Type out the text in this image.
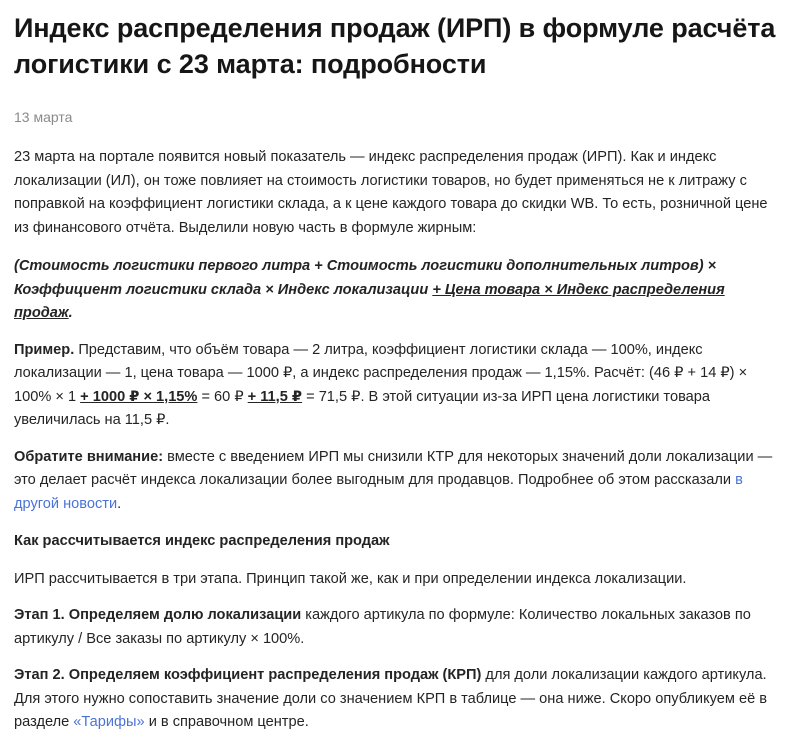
Индекс распределения продаж (ИРП) в формуле расчёта логистики с 23 марта: подробности
13 марта

23 марта на портале появится новый показатель — индекс распределения продаж (ИРП). Как и индекс локализации (ИЛ), он тоже повлияет на стоимость логистики товаров, но будет применяться не к литражу с поправкой на коэффициент логистики склада, а к цене каждого товара до скидки WB. То есть, розничной цене из финансового отчёта. Выделили новую часть в формуле жирным:

(Стоимость логистики первого литра + Стоимость логистики дополнительных литров) × Коэффициент логистики склада × Индекс локализации + Цена товара × Индекс распределения продаж.

Пример. Представим, что объём товара — 2 литра, коэффициент логистики склада — 100%, индекс локализации — 1, цена товара — 1000 ₽, а индекс распределения продаж — 1,15%. Расчёт: (46 ₽ + 14 ₽) × 100% × 1 + 1000 ₽ × 1,15% = 60 ₽ + 11,5 ₽ = 71,5 ₽. В этой ситуации из-за ИРП цена логистики товара увеличилась на 11,5 ₽.

Обратите внимание: вместе с введением ИРП мы снизили КТР для некоторых значений доли локализации — это делает расчёт индекса локализации более выгодным для продавцов. Подробнее об этом рассказали в другой новости.

Как рассчитывается индекс распределения продаж

ИРП рассчитывается в три этапа. Принцип такой же, как и при определении индекса локализации.

Этап 1. Определяем долю локализации каждого артикула по формуле: Количество локальных заказов по артикулу / Все заказы по артикулу × 100%.

Этап 2. Определяем коэффициент распределения продаж (КРП) для доли локализации каждого артикула. Для этого нужно сопоставить значение доли со значением КРП в таблице — она ниже. Скоро опубликуем её в разделе «Тарифы» и в справочном центре.
